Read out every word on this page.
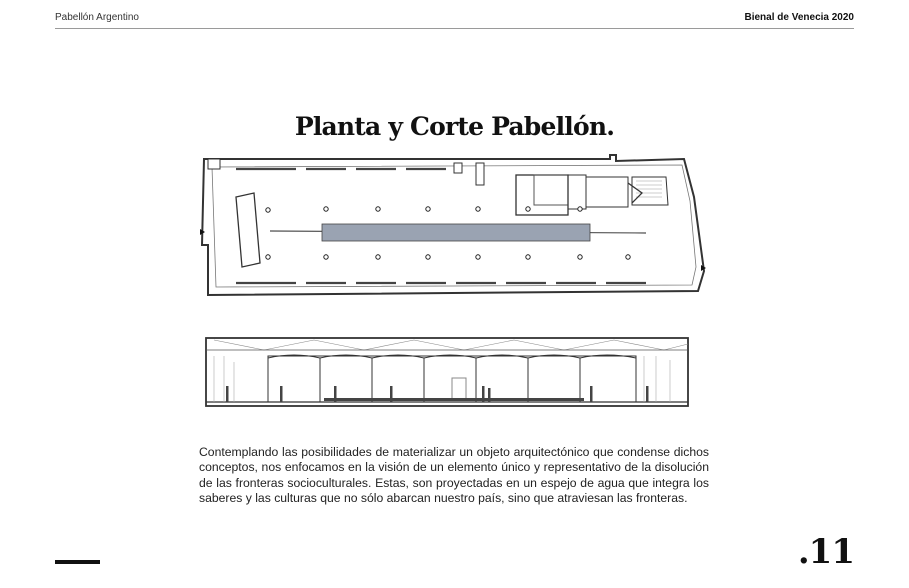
Pabellón Argentino	Bienal de Venecia 2020
Planta y Corte Pabellón.
Contemplando las posibilidades de materializar un objeto arquitectónico que condense dichos conceptos, nos enfocamos en la visión de un elemento único y representativo de la disolución de las fronteras socioculturales. Estas, son proyectadas en un espejo de agua que integra los saberes y las culturas que no sólo abarcan nuestro país, sino que atraviesan las fronteras.
.11
